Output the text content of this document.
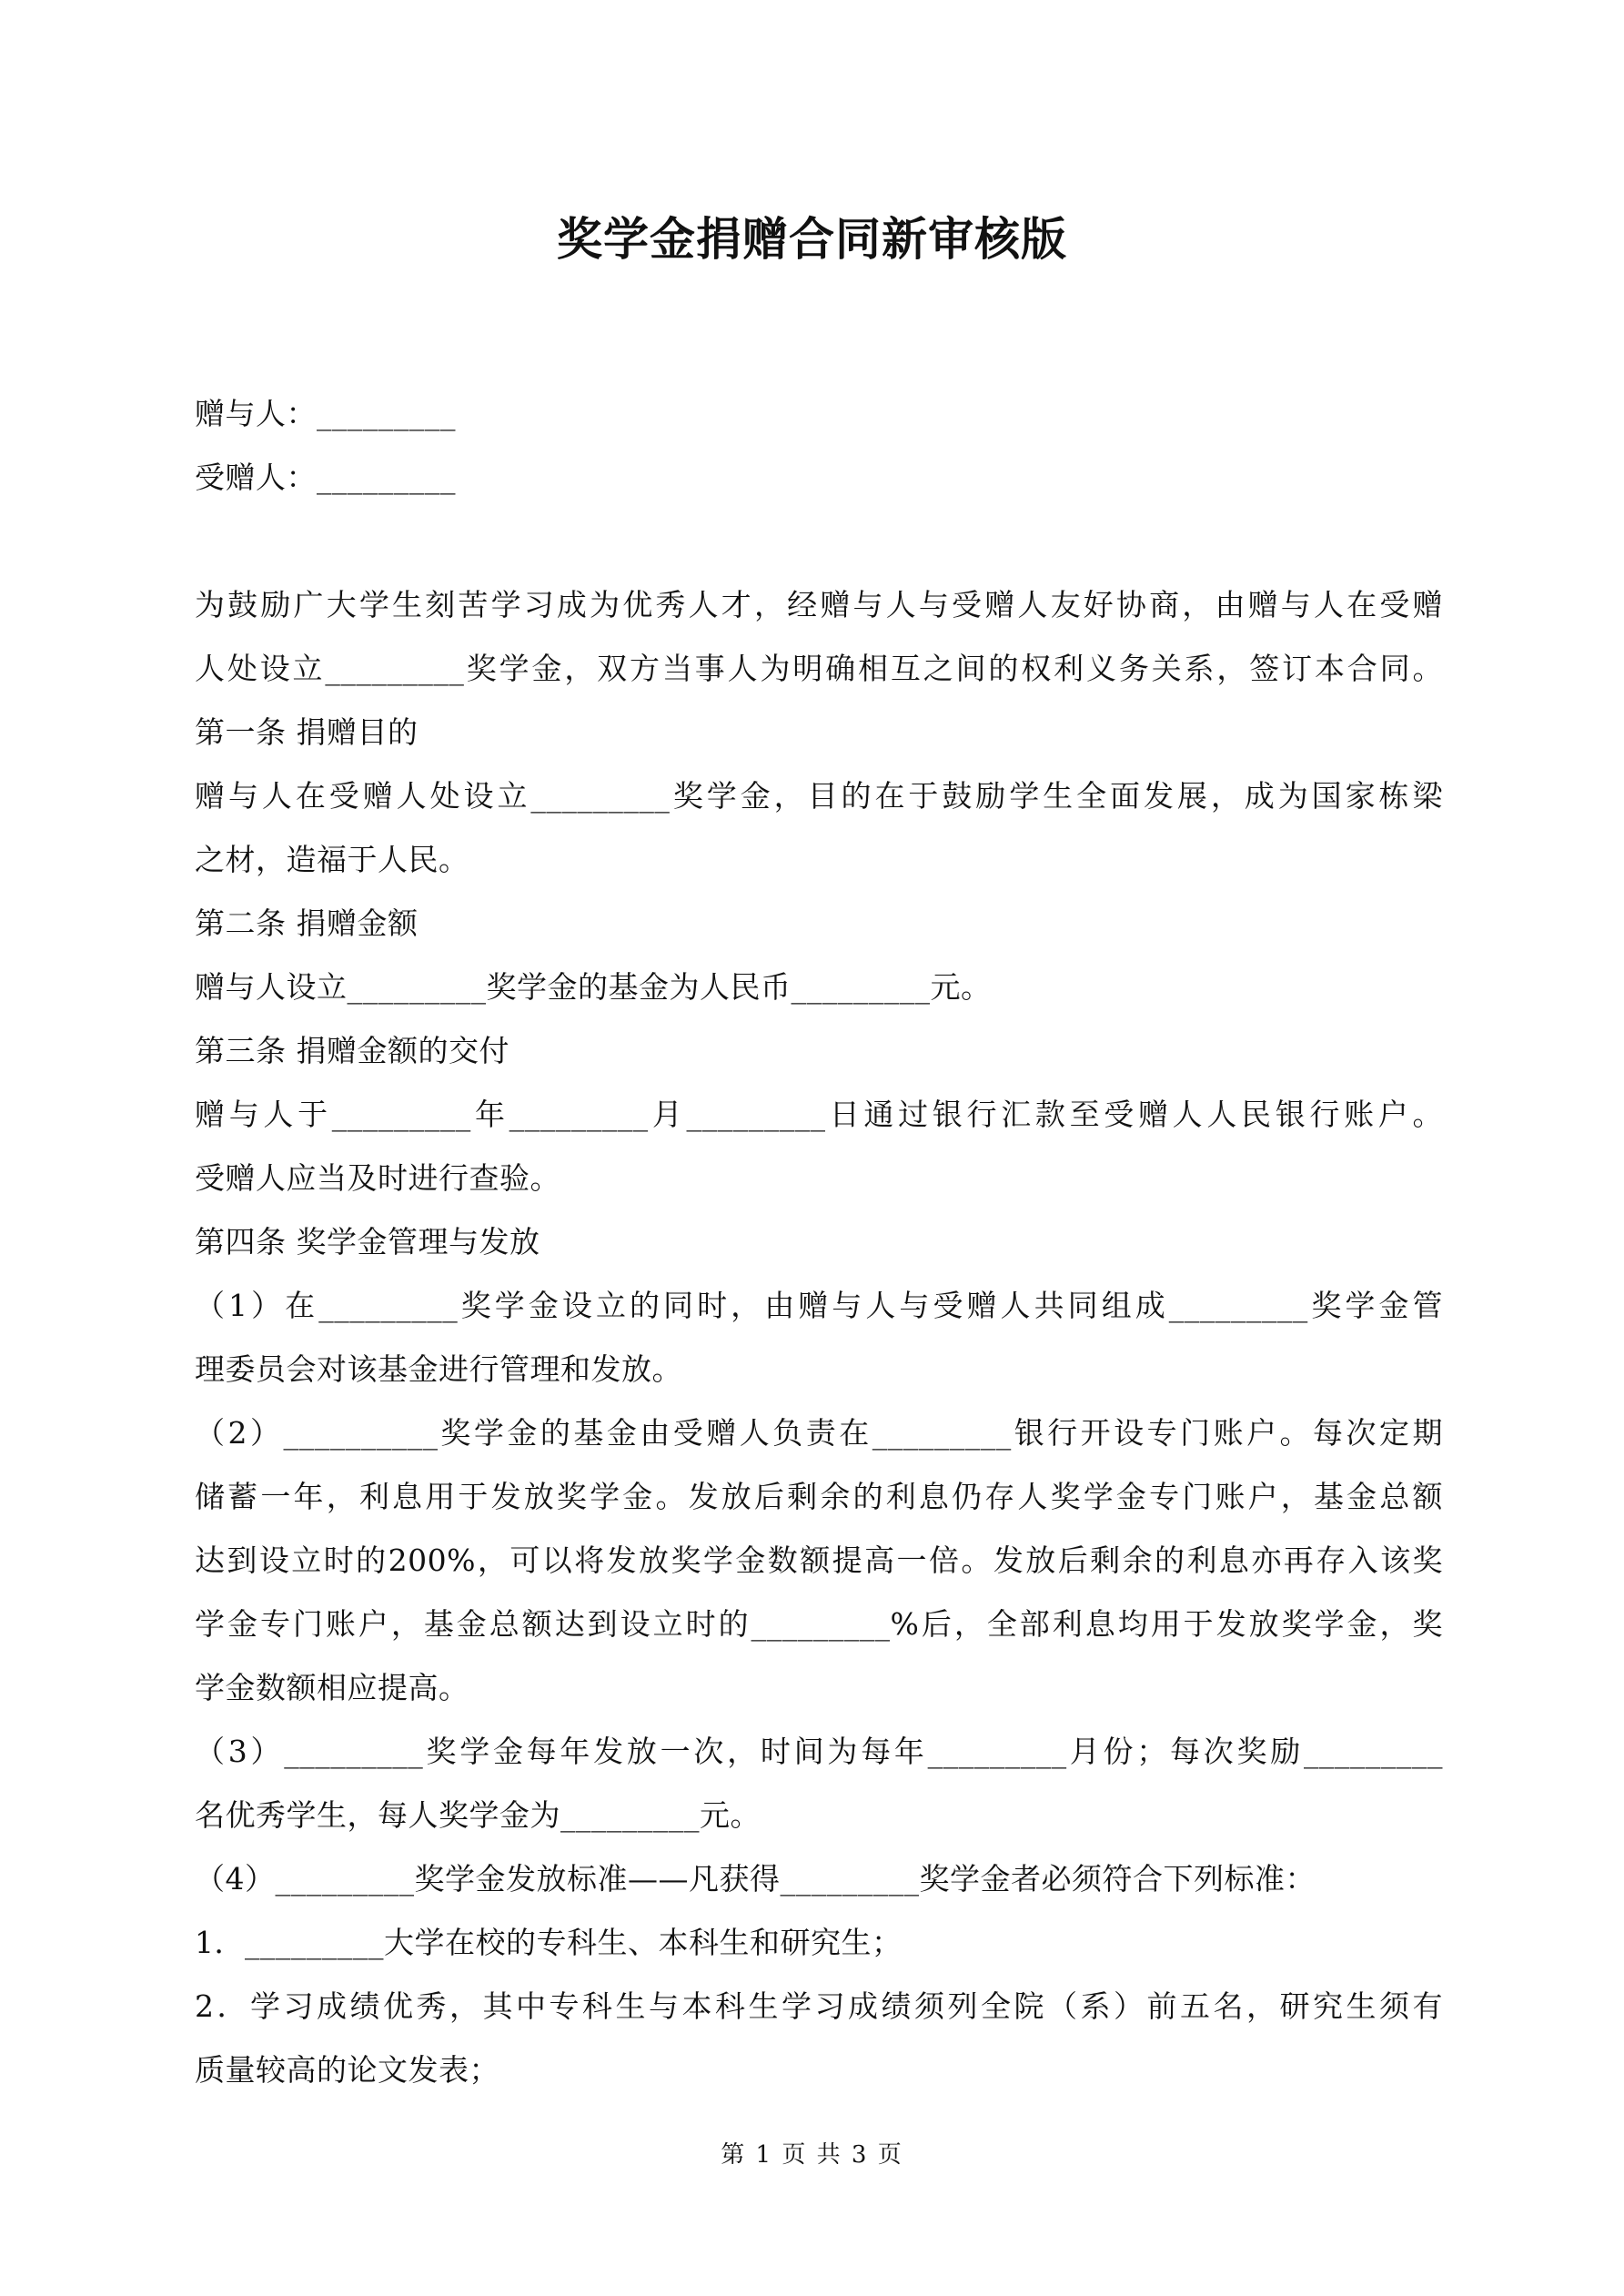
奖学金捐赠合同新审核版
赠与人：_________
受赠人：_________
为鼓励广大学生刻苦学习成为优秀人才，经赠与人与受赠人友好协商，由赠与人在受赠
人处设立_________奖学金，双方当事人为明确相互之间的权利义务关系，签订本合同。
第一条 捐赠目的
赠与人在受赠人处设立_________奖学金，目的在于鼓励学生全面发展，成为国家栋梁
之材，造福于人民。
第二条 捐赠金额
赠与人设立_________奖学金的基金为人民币_________元。
第三条 捐赠金额的交付
赠与人于_________年_________月_________日通过银行汇款至受赠人人民银行账户。
受赠人应当及时进行查验。
第四条 奖学金管理与发放
（1）在_________奖学金设立的同时，由赠与人与受赠人共同组成_________奖学金管
理委员会对该基金进行管理和发放。
（2）__________奖学金的基金由受赠人负责在_________银行开设专门账户。每次定期
储蓄一年，利息用于发放奖学金。发放后剩余的利息仍存人奖学金专门账户，基金总额
达到设立时的200%，可以将发放奖学金数额提高一倍。发放后剩余的利息亦再存入该奖
学金专门账户，基金总额达到设立时的_________%后，全部利息均用于发放奖学金，奖
学金数额相应提高。
（3）_________奖学金每年发放一次，时间为每年_________月份；每次奖励_________
名优秀学生，每人奖学金为_________元。
（4）_________奖学金发放标准——凡获得_________奖学金者必须符合下列标准：
1．_________大学在校的专科生、本科生和研究生；
2．学习成绩优秀，其中专科生与本科生学习成绩须列全院（系）前五名，研究生须有
质量较高的论文发表；
第 1 页 共 3 页
